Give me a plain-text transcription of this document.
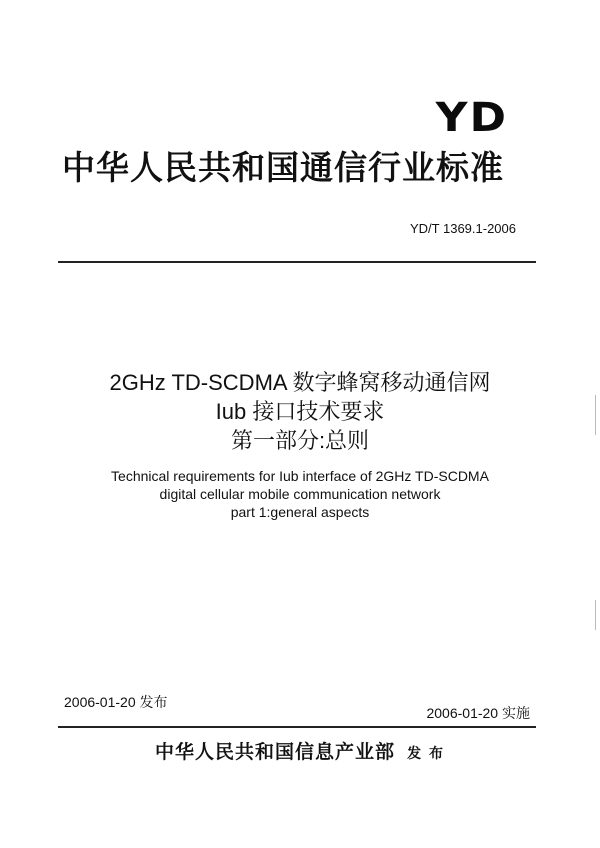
YD
中华人民共和国通信行业标准
YD/T 1369.1-2006
2GHz TD-SCDMA 数字蜂窝移动通信网
Iub 接口技术要求
第一部分:总则
Technical requirements for Iub interface of 2GHz TD-SCDMA
digital cellular mobile communication network
part 1:general aspects
2006-01-20 发布
2006-01-20 实施
中华人民共和国信息产业部 发 布
